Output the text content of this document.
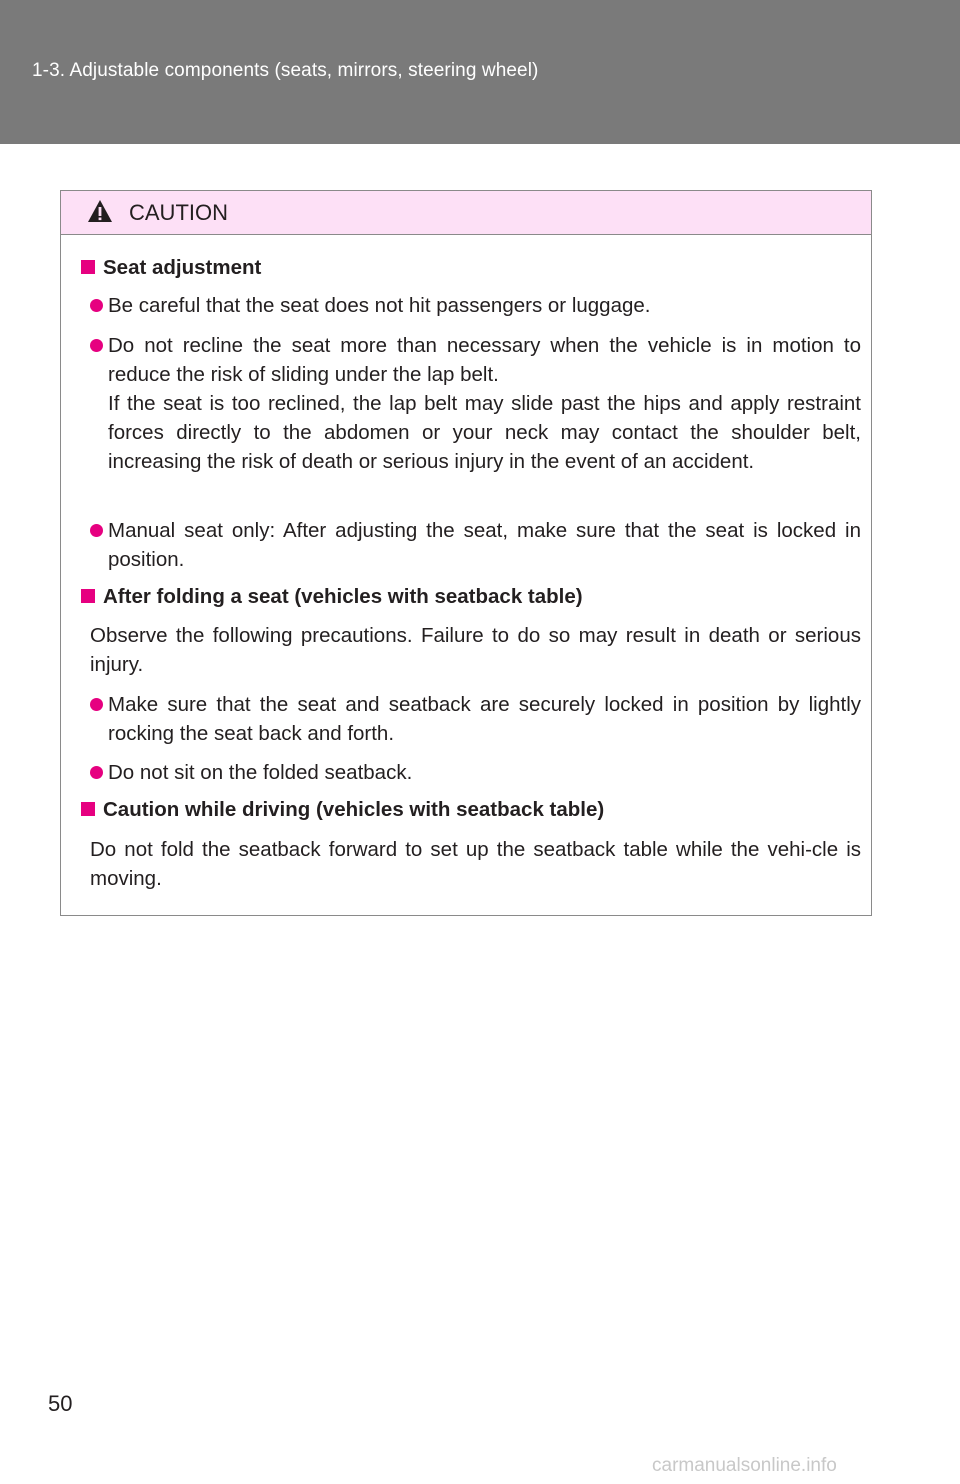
1-3. Adjustable components (seats, mirrors, steering wheel)
CAUTION
Seat adjustment

Be careful that the seat does not hit passengers or luggage.

Do not recline the seat more than necessary when the vehicle is in motion to reduce the risk of sliding under the lap belt.

If the seat is too reclined, the lap belt may slide past the hips and apply restraint forces directly to the abdomen or your neck may contact the shoulder belt, increasing the risk of death or serious injury in the event of an accident.

Manual seat only: After adjusting the seat, make sure that the seat is locked in position.

After folding a seat (vehicles with seatback table)

Observe the following precautions. Failure to do so may result in death or serious injury.

Make sure that the seat and seatback are securely locked in position by lightly rocking the seat back and forth.

Do not sit on the folded seatback.

Caution while driving (vehicles with seatback table)

Do not fold the seatback forward to set up the seatback table while the vehi-cle is moving.

50
carmanualsonline.info
